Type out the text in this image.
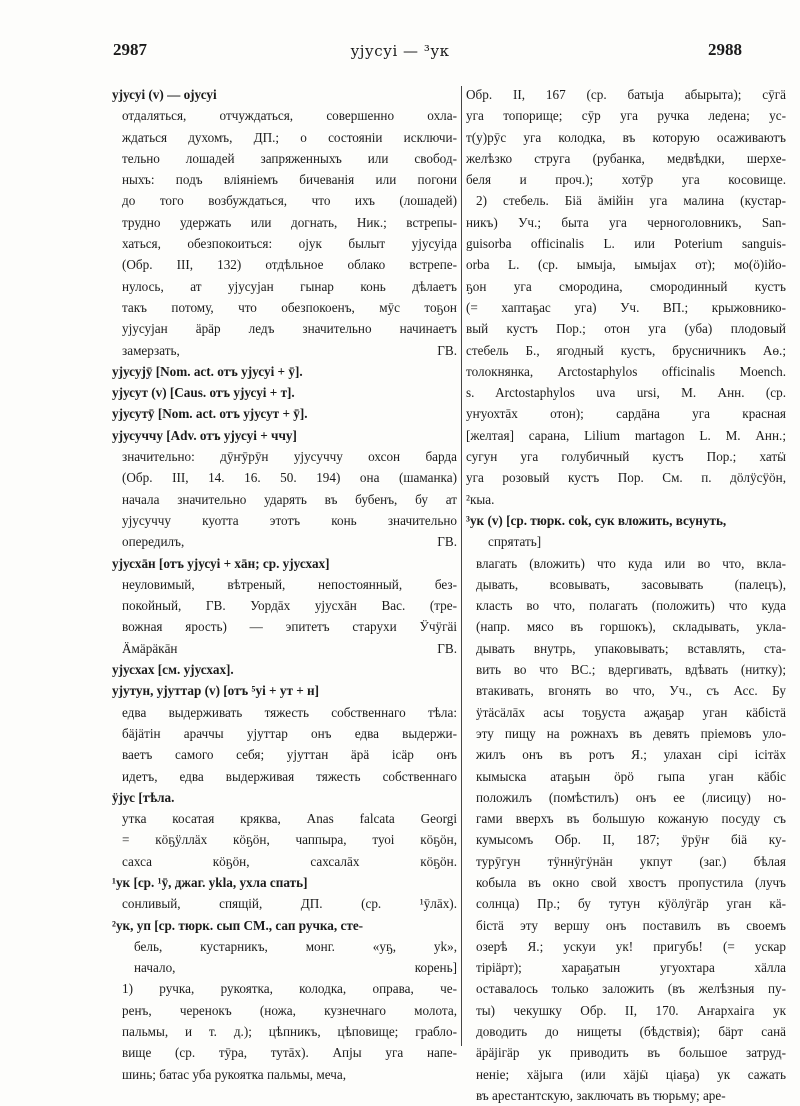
2987	ујусуі — ³ук	2988
ујусуі (v) — ојусуі
отдаляться, отчуждаться, совершенно охла-
ждаться духомъ, ДП.; о состояніи исключи-
тельно лошадей запряженныхъ или свобод-
ныхъ: подъ вліяніемъ бичеванія или погони
до того возбуждаться, что ихъ (лошадей)
трудно удержать или догнать, Ник.; встрепы-
хаться, обезпокоиться: ојук былыт ујусуіда
(Обр. III, 132) отдѣльное облако встрепе-
нулось, ат ујусујан гынар конь дѣлаетъ
такъ потому, что обезпокоенъ, мӯс тоҕон
ујусујан ӓрӓр ледъ значительно начинаетъ
замерзать, ГВ.
ујусујӯ [Nom. act. отъ ујусуі + ӯ].
ујусут (v) [Caus. отъ ујусуі + т].
ујусутӯ [Nom. act. отъ ујусут + ӯ].
ујусуччу [Adv. отъ ујусуі + ччу]
значительно: дӯҥӯрӯн ујусуччу охсон барда
(Обр. III, 14. 16. 50. 194) она (шаманка)
начала значительно ударять въ бубенъ, бу ат
ујусуччу куотта этотъ конь значительно
опередилъ, ГВ.
ујусхāн [отъ ујусуі + хāн; ср. ујусхах]
неуловимый, вѣтреный, непостоянный, без-
покойный, ГВ. Уордāх ујусхāн Вас. (тре-
вожная ярость) — эпитетъ старухи Ӱчӱгӓі
Ӓмӓрӓкāн ГВ.
ујусхах [см. ујусхах].
ујутун, ујуттар (v) [отъ ⁵уі + ут + н]
едва выдерживать тяжесть собственнаго тѣла:
бӓјӓтін араччы ујуттар онъ едва выдержи-
ваетъ самого себя; ујуттан ӓрӓ ісӓр онъ
идетъ, едва выдерживая тяжесть собственнаго
ӱјус [тѣла.
утка косатая кряква, Anas falcata Georgi
= кӧҕӱллӓх кӧҕӧн, чаппыра, туоі кӧҕӧн,
сахса кӧҕӧн, сахсалāх кӧҕӧн.
¹ук [ср. ¹ӯ, джаг. ykla, ухла спать]
сонливый, спящій, ДП. (ср. ¹ӯлāх).
²ук, уп [ср. тюрк. сып СМ., сап ручка, сте-
бель, кустарникъ, монг. «уҕ, yk»,
начало, корень]
1) ручка, рукоятка, колодка, оправа, че-
ренъ, черенокъ (ножа, кузнечнаго молота,
пальмы, и т. д.); цѣпникъ, цѣповище; грабло-
вище (ср. тӯра, тутāх). Апјы уга напе-
шинь; батас уба рукоятка пальмы, меча,
Обр. II, 167 (ср. батыја абырыта); сӯгӓ
уга топорище; сӯр уга ручка ледена; ус-
т(у)рӯс уга колодка, въ которую осаживаютъ
желѣзко струга (рубанка, медвѣдки, шерхе-
беля и проч.); хотӯр уга косовище.
2) стебель. Біӓ ӓмійін уга малина (кустар-
никъ) Уч.; быта уга черноголовникъ, San-
guisorba officinalis L. или Poterium sanguis-
orba L. (ср. ымыја, ымыјах от); мо(ӧ)ійо-
ҕон уга смородина, смородинный кустъ
(= хаптаҕас уга) Уч. ВП.; крыжовнико-
вый кустъ Пор.; отон уга (уба) плодовый
стебель Б., ягодный кустъ, брусничникъ Аө.;
толокнянка, Arctostaphylos officinalis Moench.
s. Arctostaphylos uva ursi, М. Анн. (ср.
уҥуохтāх отон); сардāна уга красная
[желтая] сарана, Lilium martagon L. М. Анн.;
сугун уга голубичный кустъ Пор.; хатӹ
уга розовый кустъ Пор. См. п. дӧлӱсӱӧн,
²кыа.
³ук (v) [ср. тюрк. cok, сук вложить, всунуть,
спрятать]
влагать (вложить) что куда или во что, вкла-
дывать, всовывать, засовывать (палецъ),
класть во что, полагать (положить) что куда
(напр. мясо въ горшокъ), складывать, укла-
дывать внутрь, упаковывать; вставлять, ста-
вить во что ВС.; вдергивать, вдѣвать (нитку);
втакивать, вгонять во что, Уч., съ Асс. Бу
ӱтӓсӓлāх асы тоҕуста аҗаҕар уган кӓбістӓ
эту пищу на рожнахъ въ девять пріемовъ уло-
жилъ онъ въ ротъ Я.; улахан сірі ісітӓх
кымыска атаҕын ӧрӧ гыпа уган кӓбіс
положилъ (помѣстилъ) онъ ее (лисицу) но-
гами вверхъ въ большую кожаную посуду съ
кумысомъ Обр. II, 187; ӱрӱҥ біӓ ку-
турӯгун тӱннӱгӱнӓн укпут (заг.) бѣлая
кобыла въ окно свой хвостъ пропустила (лучъ
солнца) Пр.; бу тутун кӱӧлӱгӓр уган кӓ-
бістӓ эту вершу онъ поставилъ въ своемъ
озерѣ Я.; ускуи ук! пригубь! (= ускар
тіріӓрт); хараҕатын угуохтара хӓлла
оставалось только заложить (въ желѣзныя пу-
ты) чекушку Обр. II, 170. Аҥархаіга ук
доводить до нищеты (бѣдствія); бӓрт санӓ
ӓрӓјігӓр ук приводить въ большое затруд-
неніе; хӓјыга (или хӓјӹ ціаҕа) ук сажать
въ арестантскую, заключать въ тюрьму; аре-
